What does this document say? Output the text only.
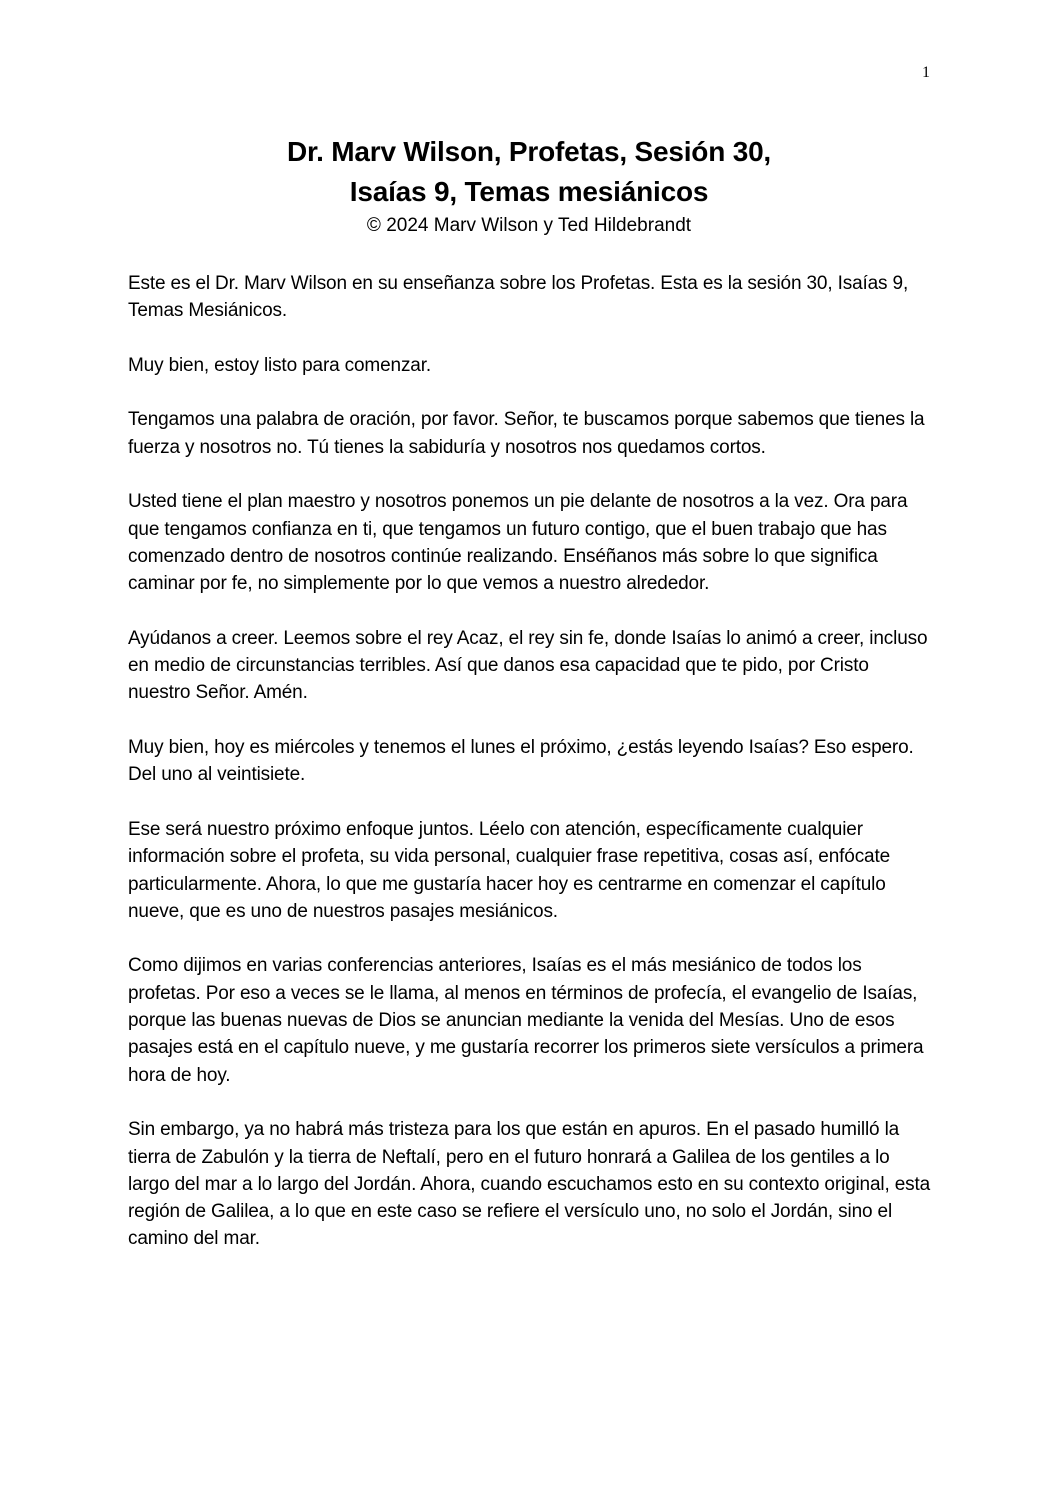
1
Dr. Marv Wilson, Profetas, Sesión 30,
Isaías 9, Temas mesiánicos
© 2024 Marv Wilson y Ted Hildebrandt

Este es el Dr. Marv Wilson en su enseñanza sobre los Profetas. Esta es la sesión 30, Isaías 9, Temas Mesiánicos.

Muy bien, estoy listo para comenzar.

Tengamos una palabra de oración, por favor. Señor, te buscamos porque sabemos que tienes la fuerza y nosotros no. Tú tienes la sabiduría y nosotros nos quedamos cortos.

Usted tiene el plan maestro y nosotros ponemos un pie delante de nosotros a la vez. Ora para que tengamos confianza en ti, que tengamos un futuro contigo, que el buen trabajo que has comenzado dentro de nosotros continúe realizando. Enséñanos más sobre lo que significa caminar por fe, no simplemente por lo que vemos a nuestro alrededor.

Ayúdanos a creer. Leemos sobre el rey Acaz, el rey sin fe, donde Isaías lo animó a creer, incluso en medio de circunstancias terribles. Así que danos esa capacidad que te pido, por Cristo nuestro Señor. Amén.

Muy bien, hoy es miércoles y tenemos el lunes el próximo, ¿estás leyendo Isaías? Eso espero. Del uno al veintisiete.

Ese será nuestro próximo enfoque juntos. Léelo con atención, específicamente cualquier información sobre el profeta, su vida personal, cualquier frase repetitiva, cosas así, enfócate particularmente. Ahora, lo que me gustaría hacer hoy es centrarme en comenzar el capítulo nueve, que es uno de nuestros pasajes mesiánicos.

Como dijimos en varias conferencias anteriores, Isaías es el más mesiánico de todos los profetas. Por eso a veces se le llama, al menos en términos de profecía, el evangelio de Isaías, porque las buenas nuevas de Dios se anuncian mediante la venida del Mesías. Uno de esos pasajes está en el capítulo nueve, y me gustaría recorrer los primeros siete versículos a primera hora de hoy.

Sin embargo, ya no habrá más tristeza para los que están en apuros. En el pasado humilló la tierra de Zabulón y la tierra de Neftalí, pero en el futuro honrará a Galilea de los gentiles a lo largo del mar a lo largo del Jordán. Ahora, cuando escuchamos esto en su contexto original, esta región de Galilea, a lo que en este caso se refiere el versículo uno, no solo el Jordán, sino el camino del mar.
